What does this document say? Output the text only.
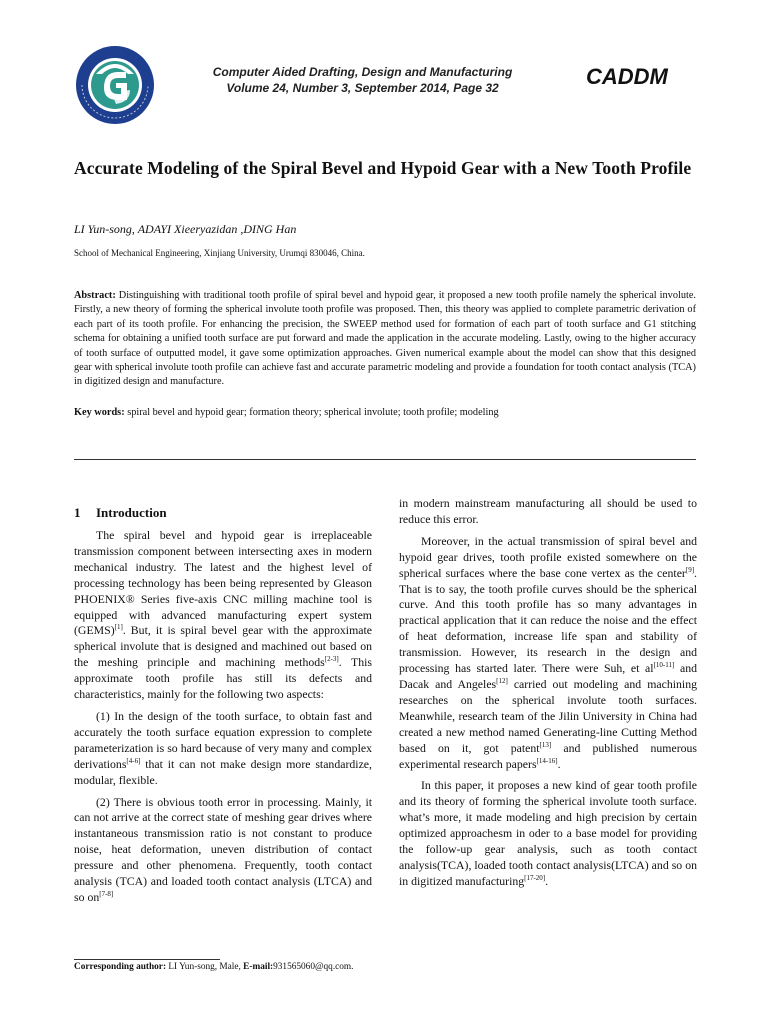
Computer Aided Drafting, Design and Manufacturing
Volume 24, Number 3, September 2014, Page 32	CADDM
Accurate Modeling of the Spiral Bevel and Hypoid Gear with a New Tooth Profile
LI Yun-song, ADAYI Xieeryazidan ,DING Han
School of Mechanical Engineering, Xinjiang University, Urumqi 830046, China.
Abstract: Distinguishing with traditional tooth profile of spiral bevel and hypoid gear, it proposed a new tooth profile namely the spherical involute. Firstly, a new theory of forming the spherical involute tooth profile was proposed. Then, this theory was applied to complete parametric derivation of each part of its tooth profile. For enhancing the precision, the SWEEP method used for formation of each part of tooth surface and G1 stitching schema for obtaining a unified tooth surface are put forward and made the application in the accurate modeling. Lastly, owing to the higher accuracy of tooth surface of outputted model, it gave some optimization approaches. Given numerical example about the model can show that this designed gear with spherical involute tooth profile can achieve fast and accurate parametric modeling and provide a foundation for tooth contact analysis (TCA) in digitized design and manufacture.
Key words: spiral bevel and hypoid gear; formation theory; spherical involute; tooth profile; modeling
1 Introduction

The spiral bevel and hypoid gear is irreplaceable transmission component between intersecting axes in modern mechanical industry. The latest and the highest level of processing technology has been being represented by Gleason PHOENIX® Series five-axis CNC milling machine tool is equipped with advanced manufacturing expert system (GEMS)[1]. But, it is spiral bevel gear with the approximate spherical involute that is designed and machined out based on the meshing principle and machining methods[2-3]. This approximate tooth profile has still its defects and characteristics, mainly for the following two aspects:

(1) In the design of the tooth surface, to obtain fast and accurately the tooth surface equation expression to complete parameterization is so hard because of very many and complex derivations[4-6] that it can not make design more standardize, modular, flexible.

(2) There is obvious tooth error in processing. Mainly, it can not arrive at the correct state of meshing gear drives where instantaneous transmission ratio is not constant to produce noise, heat deformation, uneven distribution of contact pressure and other phenomena. Frequently, tooth contact analysis (TCA) and loaded tooth contact analysis (LTCA) and so on[7-8]

in modern mainstream manufacturing all should be used to reduce this error.

Moreover, in the actual transmission of spiral bevel and hypoid gear drives, tooth profile existed somewhere on the spherical surfaces where the base cone vertex as the center[9]. That is to say, the tooth profile curves should be the spherical curve. And this tooth profile has so many advantages in practical application that it can reduce the noise and the effect of heat deformation, increase life span and stability of transmission. However, its research in the design and processing has started later. There were Suh, et al[10-11] and Dacak and Angeles[12] carried out modeling and machining researches on the spherical involute tooth surfaces. Meanwhile, research team of the Jilin University in China had created a new method named Generating-line Cutting Method based on it, got patent[13] and published numerous experimental research papers[14-16].

In this paper, it proposes a new kind of gear tooth profile and its theory of forming the spherical involute tooth surface. what’s more, it made modeling and high precision by certain optimized approachesm in oder to a base model for providing the follow-up gear analysis, such as tooth contact analysis(TCA), loaded tooth contact analysis(LTCA) and so on in digitized manufacturing[17-20].

Corresponding author: LI Yun-song, Male, E-mail:931565060@qq.com.
